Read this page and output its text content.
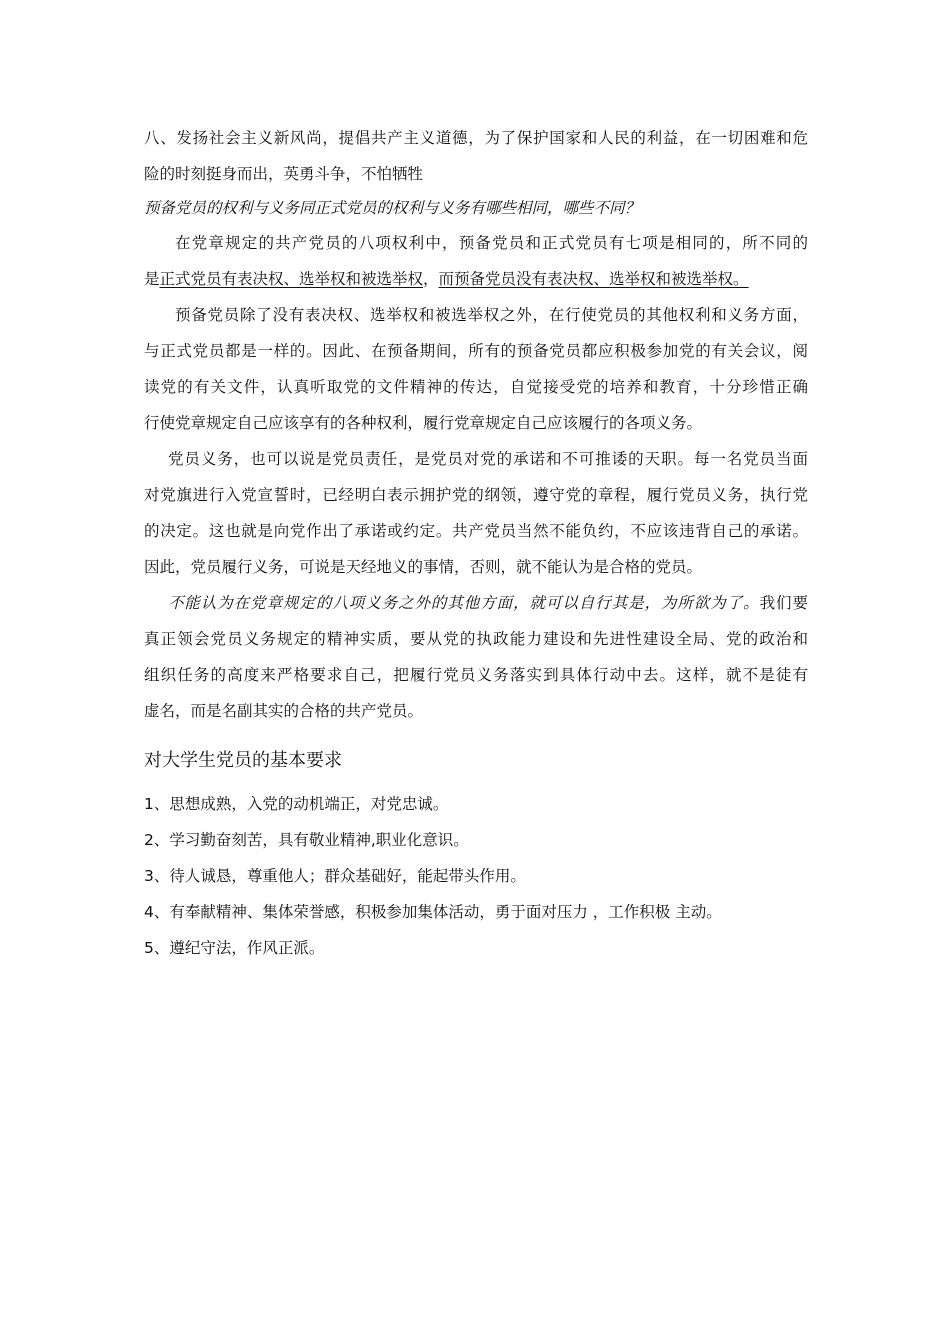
八、发扬社会主义新风尚，提倡共产主义道德，为了保护国家和人民的利益，在一切困难和危
险的时刻挺身而出，英勇斗争，不怕牺牲
预备党员的权利与义务同正式党员的权利与义务有哪些相同，哪些不同？
在党章规定的共产党员的八项权利中，预备党员和正式党员有七项是相同的，所不同的
是正式党员有表决权、选举权和被选举权，而预备党员没有表决权、选举权和被选举权。
预备党员除了没有表决权、选举权和被选举权之外，在行使党员的其他权利和义务方面，
与正式党员都是一样的。因此、在预备期间，所有的预备党员都应积极参加党的有关会议，阅
读党的有关文件，认真听取党的文件精神的传达，自觉接受党的培养和教育，十分珍惜正确
行使党章规定自己应该享有的各种权利，履行党章规定自己应该履行的各项义务。
党员义务，也可以说是党员责任，是党员对党的承诺和不可推诿的天职。每一名党员当面
对党旗进行入党宣誓时，已经明白表示拥护党的纲领，遵守党的章程，履行党员义务，执行党
的决定。这也就是向党作出了承诺或约定。共产党员当然不能负约，不应该违背自己的承诺。
因此，党员履行义务，可说是天经地义的事情，否则，就不能认为是合格的党员。
不能认为在党章规定的八项义务之外的其他方面，就可以自行其是，为所欲为了。我们要
真正领会党员义务规定的精神实质，要从党的执政能力建设和先进性建设全局、党的政治和
组织任务的高度来严格要求自己，把履行党员义务落实到具体行动中去。这样，就不是徒有
虚名，而是名副其实的合格的共产党员。
对大学生党员的基本要求
1、思想成熟，入党的动机端正，对党忠诚。
2、学习勤奋刻苦，具有敬业精神,职业化意识。
3、待人诚恳，尊重他人；群众基础好，能起带头作用。
4、有奉献精神、集体荣誉感，积极参加集体活动，勇于面对压力 ，工作积极 主动。
5、遵纪守法，作风正派。
